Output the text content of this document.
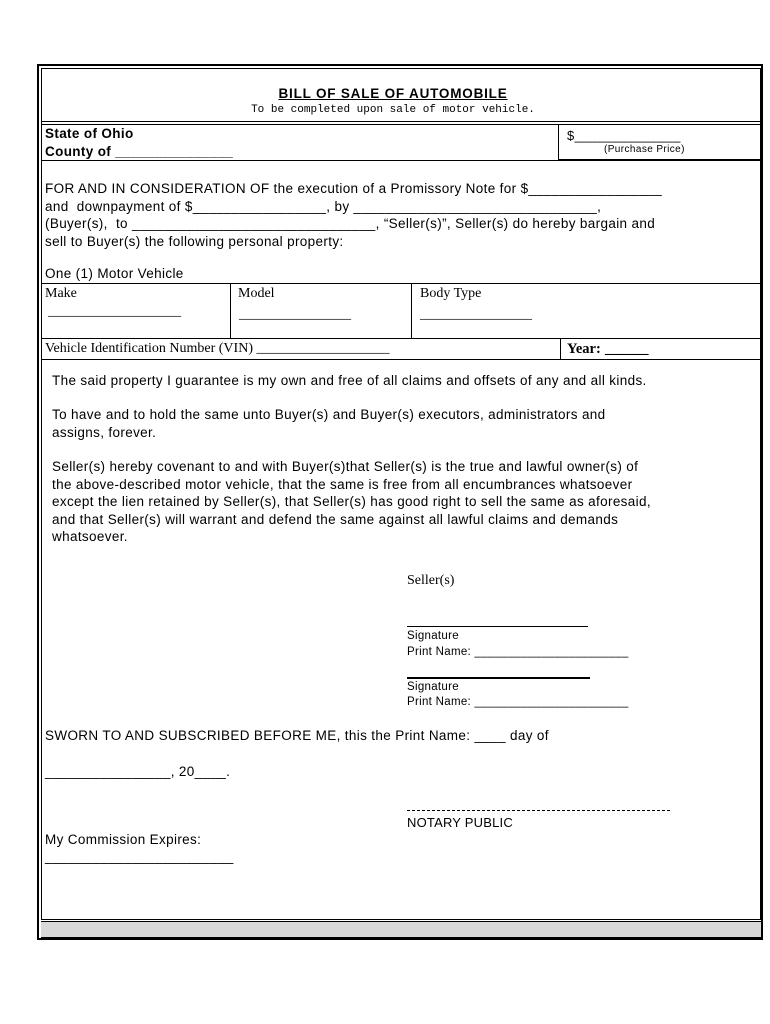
BILL OF SALE OF AUTOMOBILE
To be completed upon sale of motor vehicle.
State of Ohio
County of _______________
$______________
(Purchase Price)
FOR AND IN CONSIDERATION OF the execution of a Promissory Note for $_________________
and  downpayment of $_________________, by _______________________________,
(Buyer(s),  to _______________________________, “Seller(s)”, Seller(s) do hereby bargain and
sell to Buyer(s) the following personal property:
One (1) Motor Vehicle
Make
___________________
Model
________________
Body Type
________________
Vehicle Identification Number (VIN) ___________________	Year: ______
The said property I guarantee is my own and free of all claims and offsets of any and all kinds.
To have and to hold the same unto Buyer(s) and Buyer(s) executors, administrators and
assigns, forever.
Seller(s) hereby covenant to and with Buyer(s)that Seller(s) is the true and lawful owner(s) of
the above-described motor vehicle, that the same is free from all encumbrances whatsoever
except the lien retained by Seller(s), that Seller(s) has good right to sell the same as aforesaid,
and that Seller(s) will warrant and defend the same against all lawful claims and demands
whatsoever.
Seller(s)
Signature
Print Name: _______________________
Signature
Print Name: _______________________
SWORN TO AND SUBSCRIBED BEFORE ME, this the Print Name: ____ day of
________________, 20____.
NOTARY PUBLIC
My Commission Expires:
________________________
